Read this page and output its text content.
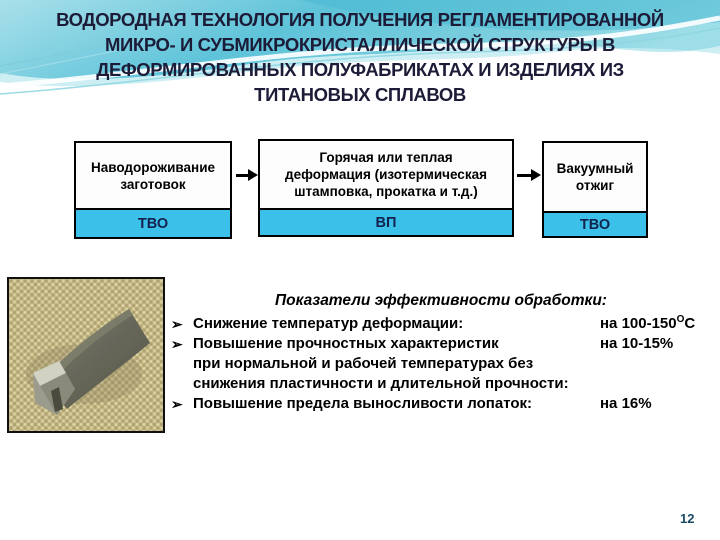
ВОДОРОДНАЯ ТЕХНОЛОГИЯ ПОЛУЧЕНИЯ РЕГЛАМЕНТИРОВАННОЙ
МИКРО- И СУБМИКРОКРИСТАЛЛИЧЕСКОЙ СТРУКТУРЫ В
ДЕФОРМИРОВАННЫХ ПОЛУФАБРИКАТАХ И ИЗДЕЛИЯХ ИЗ
ТИТАНОВЫХ СПЛАВОВ
Наводороживание
заготовок
ТВО
Горячая или теплая
деформация (изотермическая
штамповка, прокатка и т.д.)
ВП
Вакуумный
отжиг
ТВО
Показатели эффективности обработки:
➢ Снижение температур деформации:	на $100-150^ОС$
➢ Повышение прочностных характеристик	на 10-15%
при нормальной и рабочей температурах без
снижения пластичности и длительной прочности:
➢ Повышение предела выносливости лопаток:	на 16%
12
